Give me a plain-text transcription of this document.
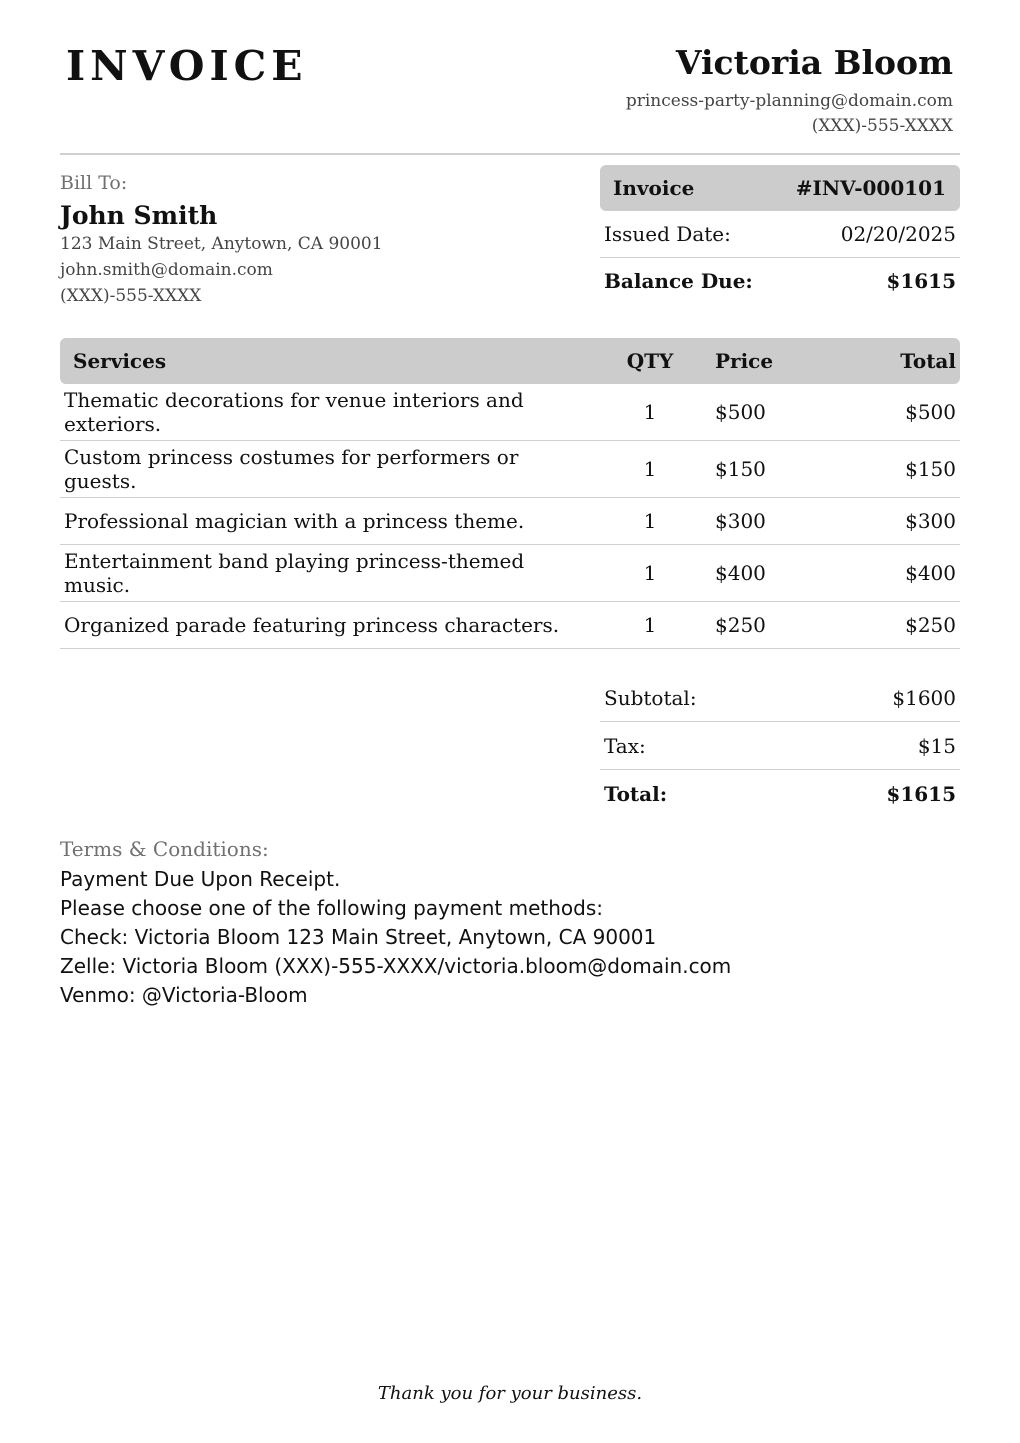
INVOICE	Victoria Bloom
princess-party-planning@domain.com
(XXX)-555-XXXX
Bill To:
John Smith
123 Main Street, Anytown, CA 90001
john.smith@domain.com
(XXX)-555-XXXX
Invoice	#INV-000101
Issued Date:	02/20/2025
Balance Due:	$1615
Services	QTY	Price	Total
Thematic decorations for venue interiors and exteriors.	1	$500	$500
Custom princess costumes for performers or guests.	1	$150	$150
Professional magician with a princess theme.	1	$300	$300
Entertainment band playing princess-themed music.	1	$400	$400
Organized parade featuring princess characters.	1	$250	$250
Subtotal:	$1600
Tax:	$15
Total:	$1615
Terms & Conditions:
Payment Due Upon Receipt.
Please choose one of the following payment methods:
Check: Victoria Bloom 123 Main Street, Anytown, CA 90001
Zelle: Victoria Bloom (XXX)-555-XXXX/victoria.bloom@domain.com
Venmo: @Victoria-Bloom
Thank you for your business.
